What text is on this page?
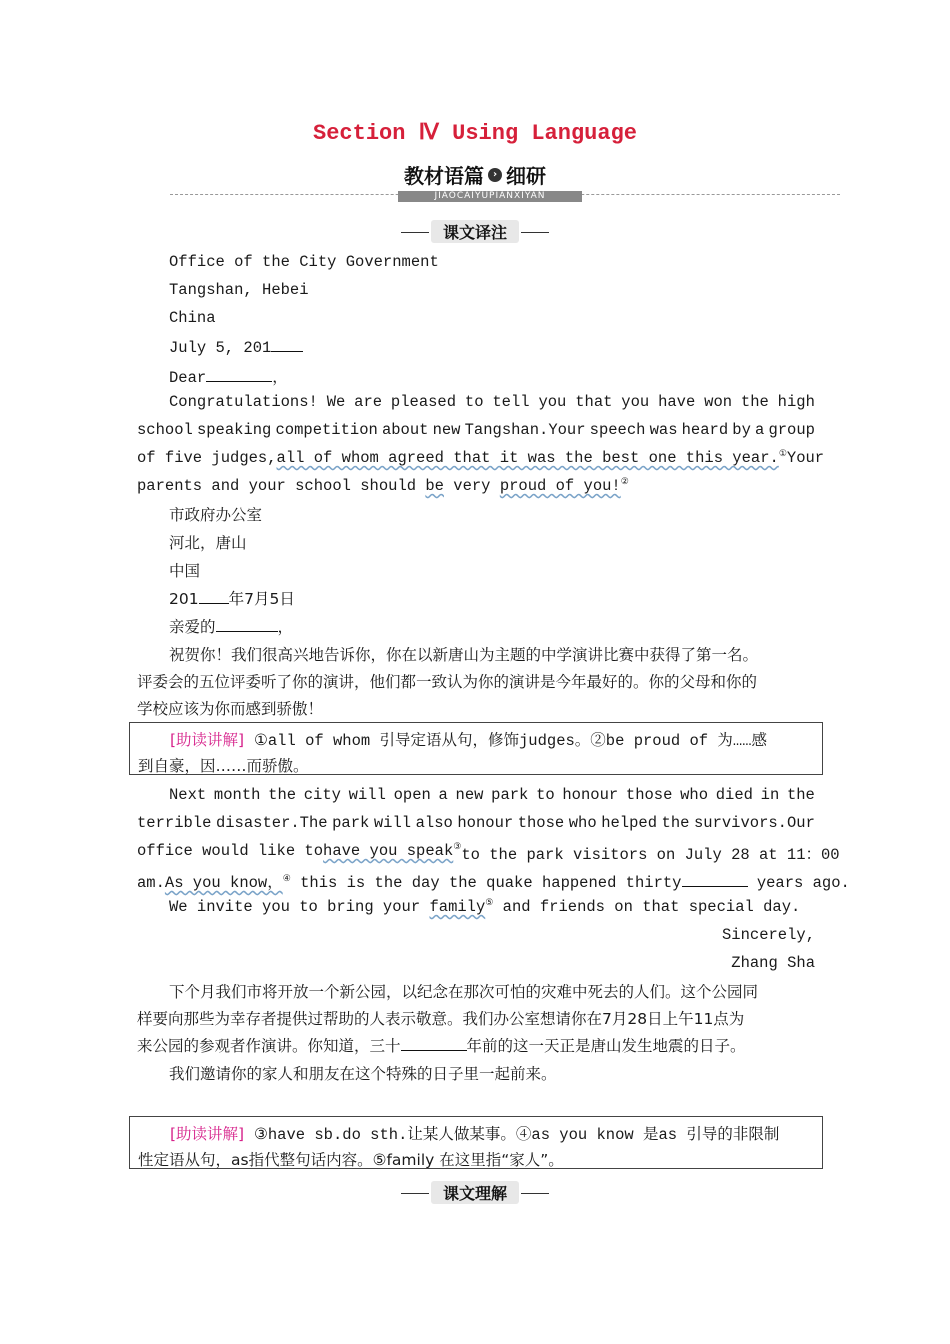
Section Ⅳ Using Language
教材语篇 › 细研
JIAOCAIYUPIANXIYAN
课文译注
Office of the City Government
Tangshan, Hebei
China
July 5, 201
Dear	，
Congratulations! We are pleased to tell you that you have won the high
school speaking competition about new Tangshan.Your speech was heard by a group
of five judges, all of whom agreed that it was the best one this year.① Your
parents and your school should be very proud of you!②
市政府办公室
河北，唐山
中国
201 年7月5日
亲爱的	，
祝贺你！我们很高兴地告诉你，你在以新唐山为主题的中学演讲比赛中获得了第一名。
评委会的五位评委听了你的演讲，他们都一致认为你的演讲是今年最好的。你的父母和你的
学校应该为你而感到骄傲！
[助读讲解] ①all of whom 引导定语从句，修饰judges。②be proud of 为……感
到自豪，因……而骄傲。
Next month the city will open a new park to honour those who died in the
terrible disaster.The park will also honour those who helped the survivors.Our
office would like to have you speak③ to the park visitors on July 28 at 11：00
am.As you know，④ this is the day the quake happened thirty	years ago.
We invite you to bring your family⑤ and friends on that special day.
Sincerely,
Zhang Sha
下个月我们市将开放一个新公园，以纪念在那次可怕的灾难中死去的人们。这个公园同
样要向那些为幸存者提供过帮助的人表示敬意。我们办公室想请你在7月28日上午11点为
来公园的参观者作演讲。你知道，三十	年前的这一天正是唐山发生地震的日子。
我们邀请你的家人和朋友在这个特殊的日子里一起前来。
[助读讲解] ③have sb.do sth.让某人做某事。④as you know 是as 引导的非限制
性定语从句，as指代整句话内容。⑤family 在这里指“家人”。
课文理解
